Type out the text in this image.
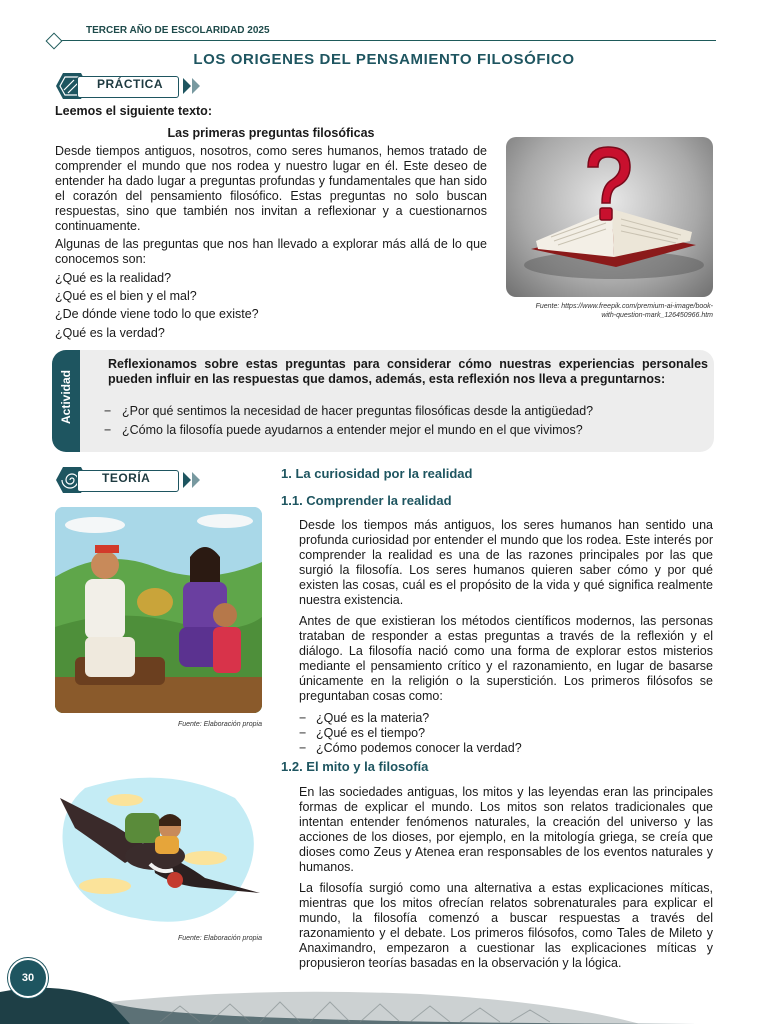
TERCER AÑO DE ESCOLARIDAD 2025
LOS ORIGENES DEL PENSAMIENTO FILOSÓFICO
PRÁCTICA
Leemos el siguiente texto:
Las primeras preguntas filosóficas

Desde tiempos antiguos, nosotros, como seres humanos, hemos tratado de comprender el mundo que nos rodea y nuestro lugar en él. Este deseo de entender ha dado lugar a preguntas profundas y fundamentales que han sido el corazón del pensamiento filosófico. Estas preguntas no solo buscan respuestas, sino que también nos invitan a reflexionar y a cuestionarnos continuamente.

Algunas de las preguntas que nos han llevado a explorar más allá de lo que conocemos son:

¿Qué es la realidad?
¿Qué es el bien y el mal?
¿De dónde viene todo lo que existe?
¿Qué es la verdad?
Fuente: https://www.freepik.com/premium-ai-image/book-
with-question-mark_126450966.htm
Actividad

Reflexionamos sobre estas preguntas para considerar cómo nuestras experiencias personales pueden influir en las respuestas que damos, además, esta reflexión nos lleva a preguntarnos:

− ¿Por qué sentimos la necesidad de hacer preguntas filosóficas desde la antigüedad?
− ¿Cómo la filosofía puede ayudarnos a entender mejor el mundo en el que vivimos?
TEORÍA	1. La curiosidad por la realidad
1.1. Comprender la realidad

Desde los tiempos más antiguos, los seres humanos han sentido una profunda curiosidad por entender el mundo que los rodea. Este interés por comprender la realidad es una de las razones principales por las que surgió la filosofía. Los seres humanos quieren saber cómo y por qué existen las cosas, cuál es el propósito de la vida y qué significa realmente nuestra existencia.

Antes de que existieran los métodos científicos modernos, las personas trataban de responder a estas preguntas a través de la reflexión y el diálogo. La filosofía nació como una forma de explorar estos misterios mediante el pensamiento crítico y el razonamiento, en lugar de basarse únicamente en la religión o la superstición. Los primeros filósofos se preguntaban cosas como:

− ¿Qué es la materia?
− ¿Qué es el tiempo?
− ¿Cómo podemos conocer la verdad?
1.2. El mito y la filosofía

En las sociedades antiguas, los mitos y las leyendas eran las principales formas de explicar el mundo. Los mitos son relatos tradicionales que intentan entender fenómenos naturales, la creación del universo y las acciones de los dioses, por ejemplo, en la mitología griega, se creía que dioses como Zeus y Atenea eran responsables de los eventos naturales y humanos.

La filosofía surgió como una alternativa a estas explicaciones míticas, mientras que los mitos ofrecían relatos sobrenaturales para explicar el mundo, la filosofía comenzó a buscar respuestas a través del razonamiento y el debate. Los primeros filósofos, como Tales de Mileto y Anaximandro, empezaron a cuestionar las explicaciones míticas y propusieron teorías basadas en la observación y la lógica.

Fuente: Elaboración propia
Fuente: Elaboración propia
30
